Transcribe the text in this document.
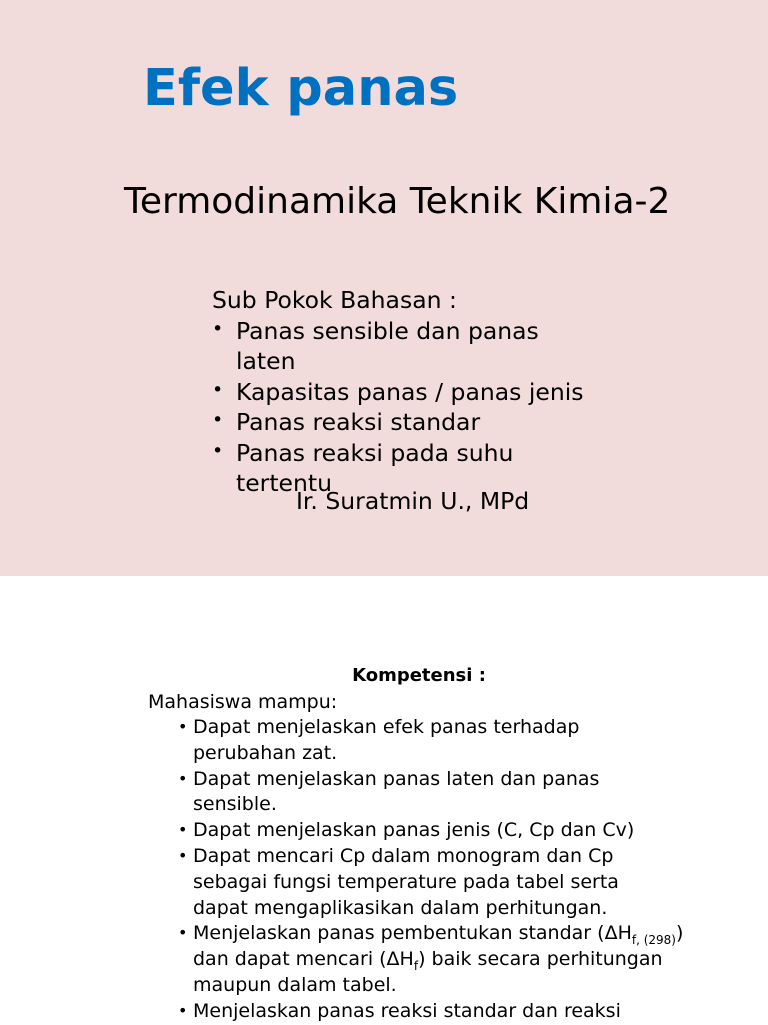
Efek panas
Termodinamika Teknik Kimia-2

Sub Pokok Bahasan :

• Panas sensible dan panas laten
• Kapasitas panas / panas jenis
• Panas reaksi standar
• Panas reaksi pada suhu tertentu
Ir. Suratmin U., MPd
Kompetensi :
Mahasiswa mampu:
• Dapat menjelaskan efek panas terhadap perubahan zat.
• Dapat menjelaskan panas laten dan panas sensible.
• Dapat menjelaskan panas jenis (C, Cp dan Cv)
• Dapat mencari Cp dalam monogram dan Cp sebagai fungsi temperature pada tabel serta dapat mengaplikasikan dalam perhitungan.
• Menjelaskan panas pembentukan standar $(\Delta H_{f, (298)})$ dan dapat mencari $(\Delta H_f)$ baik secara perhitungan maupun dalam tabel.
• Menjelaskan panas reaksi standar dan reaksi
